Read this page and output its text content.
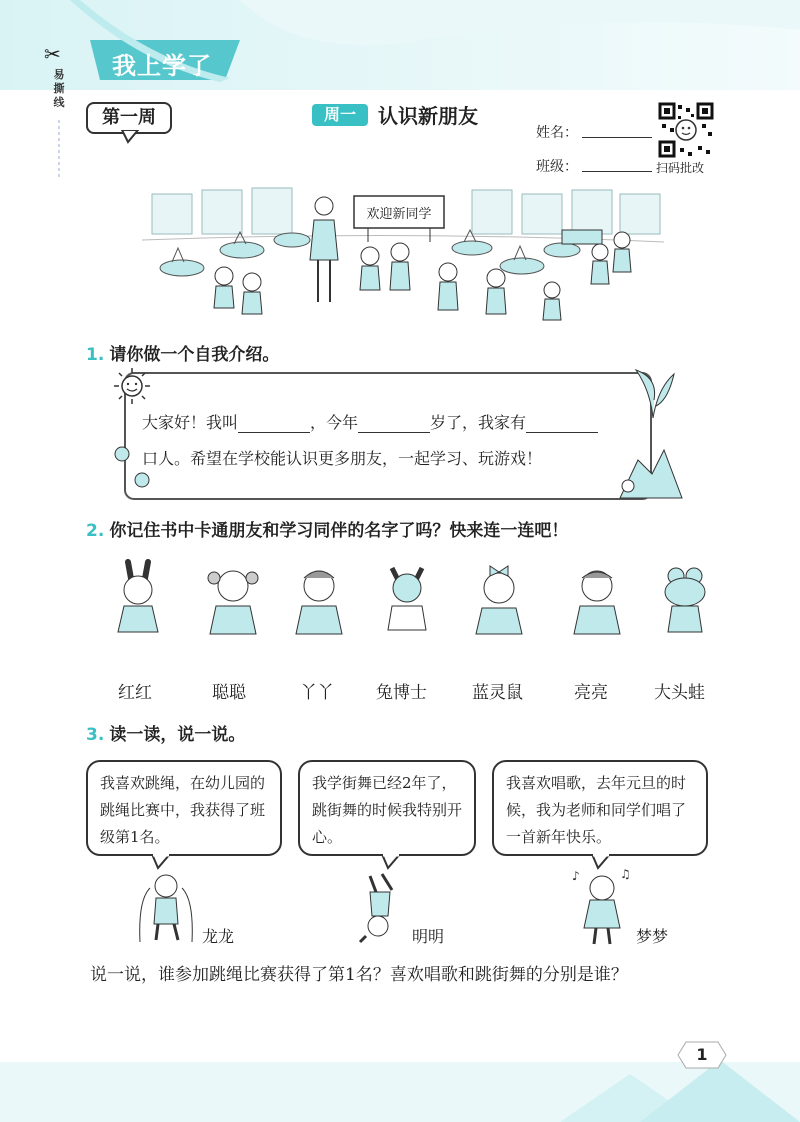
我上学了
✂
易撕线
第一周	周一	认识新朋友
姓名：
班级：	扫码批改
欢迎新同学
1. 请你做一个自我介绍。
大家好！我叫	，今年	岁了，我家有
口人。希望在学校能认识更多朋友，一起学习、玩游戏！
2. 你记住书中卡通朋友和学习同伴的名字了吗？快来连一连吧！
红红	聪聪	丫丫 兔博士	蓝灵鼠	亮亮	大头蛙
3. 读一读，说一说。
我喜欢跳绳，在幼儿园的跳绳比赛中，我获得了班级第1名。
我学街舞已经2年了，跳街舞的时候我特别开心。
我喜欢唱歌，去年元旦的时候，我为老师和同学们唱了一首新年快乐。
龙龙	明明
♪	♫
梦梦
说一说，谁参加跳绳比赛获得了第1名？喜欢唱歌和跳街舞的分别是谁？
1
